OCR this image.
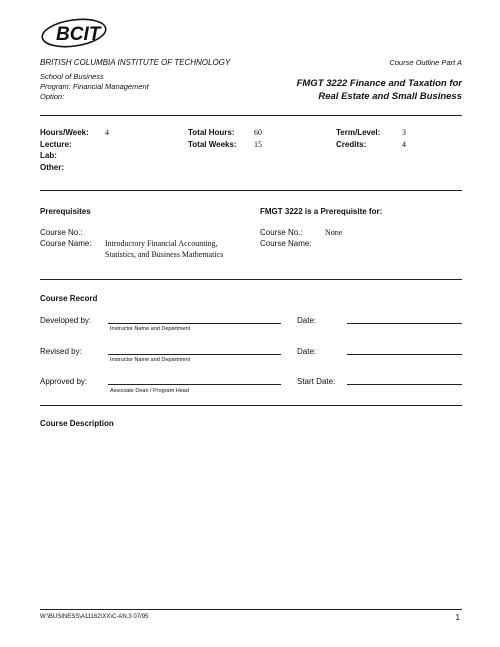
BCIT
BRITISH COLUMBIA INSTITUTE OF TECHNOLOGY	Course Outline Part A
School of Business
Program: Financial Management
Option:
FMGT 3222 Finance and Taxation for
Real Estate and Small Business
Hours/Week: 4
Lecture:
Lab:
Other:
Total Hours: 60
Total Weeks: 15
Term/Level:	3
Credits:	4
Prerequisites	FMGT 3222 is a Prerequisite for:
Course No.:
Course Name: Introductory Financial Accounting,
Statistics, and Business Mathematics
Course No.:	None
Course Name:
Course Record
Developed by:
Instructor Name and Department
Date:
Revised by:
Instructor Name and Department
Date:
Approved by:
Associate Dean / Program Head
Start Date:
Course Description
W:\BUSINESS\A11162\XX\C-AN.3 07/95	1
